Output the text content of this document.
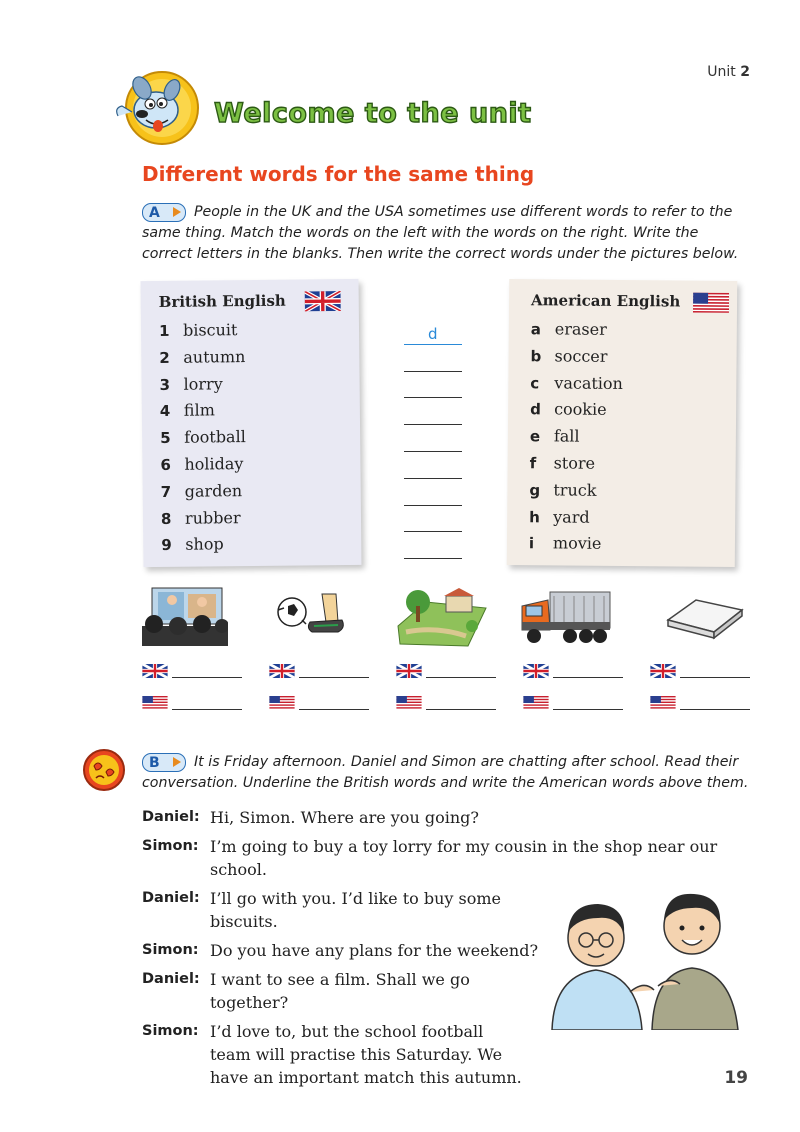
Unit 2
Welcome to the unit
Different words for the same thing
A People in the UK and the USA sometimes use different words to refer to the same thing. Match the words on the left with the words on the right. Write the correct letters in the blanks. Then write the correct words under the pictures below.
British English
1 biscuit
2 autumn
3 lorry
4 film
5 football
6 holiday
7 garden
8 rubber
9 shop
d
American English
a eraser
b soccer
c vacation
d cookie
e fall
f store
g truck
h yard
i movie
B It is Friday afternoon. Daniel and Simon are chatting after school. Read their conversation. Underline the British words and write the American words above them.
Daniel: Hi, Simon. Where are you going?
Simon: I’m going to buy a toy lorry for my cousin in the shop near our school.
Daniel: I’ll go with you. I’d like to buy some biscuits.
Simon: Do you have any plans for the weekend?
Daniel: I want to see a film. Shall we go together?
Simon: I’d love to, but the school football team will practise this Saturday. We have an important match this autumn.	19
